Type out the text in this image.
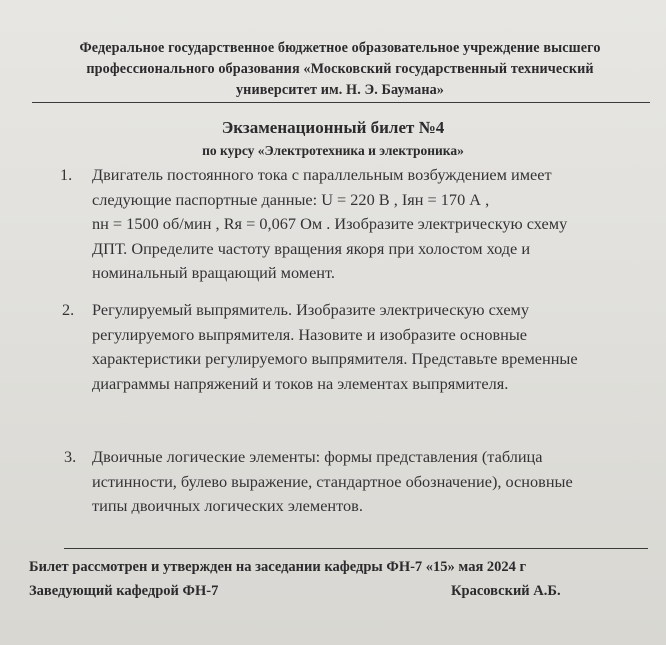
Федеральное государственное бюджетное образовательное учреждение высшего
профессионального образования «Московский государственный технический
университет им. Н. Э. Баумана»
Экзаменационный билет №4
по курсу «Электротехника и электроника»
1. Двигатель постоянного тока с параллельным возбуждением имеет
следующие паспортные данные: U = 220 В , Iян = 170 А ,
nн = 1500 об/мин , Rя = 0,067 Ом . Изобразите электрическую схему
ДПТ. Определите частоту вращения якоря при холостом ходе и
номинальный вращающий момент.
2. Регулируемый выпрямитель. Изобразите электрическую схему
регулируемого выпрямителя. Назовите и изобразите основные
характеристики регулируемого выпрямителя. Представьте временные
диаграммы напряжений и токов на элементах выпрямителя.
3. Двоичные логические элементы: формы представления (таблица
истинности, булево выражение, стандартное обозначение), основные
типы двоичных логических элементов.
Билет рассмотрен и утвержден на заседании кафедры ФН-7 «15» мая 2024 г
Заведующий кафедрой ФН-7	Красовский А.Б.
